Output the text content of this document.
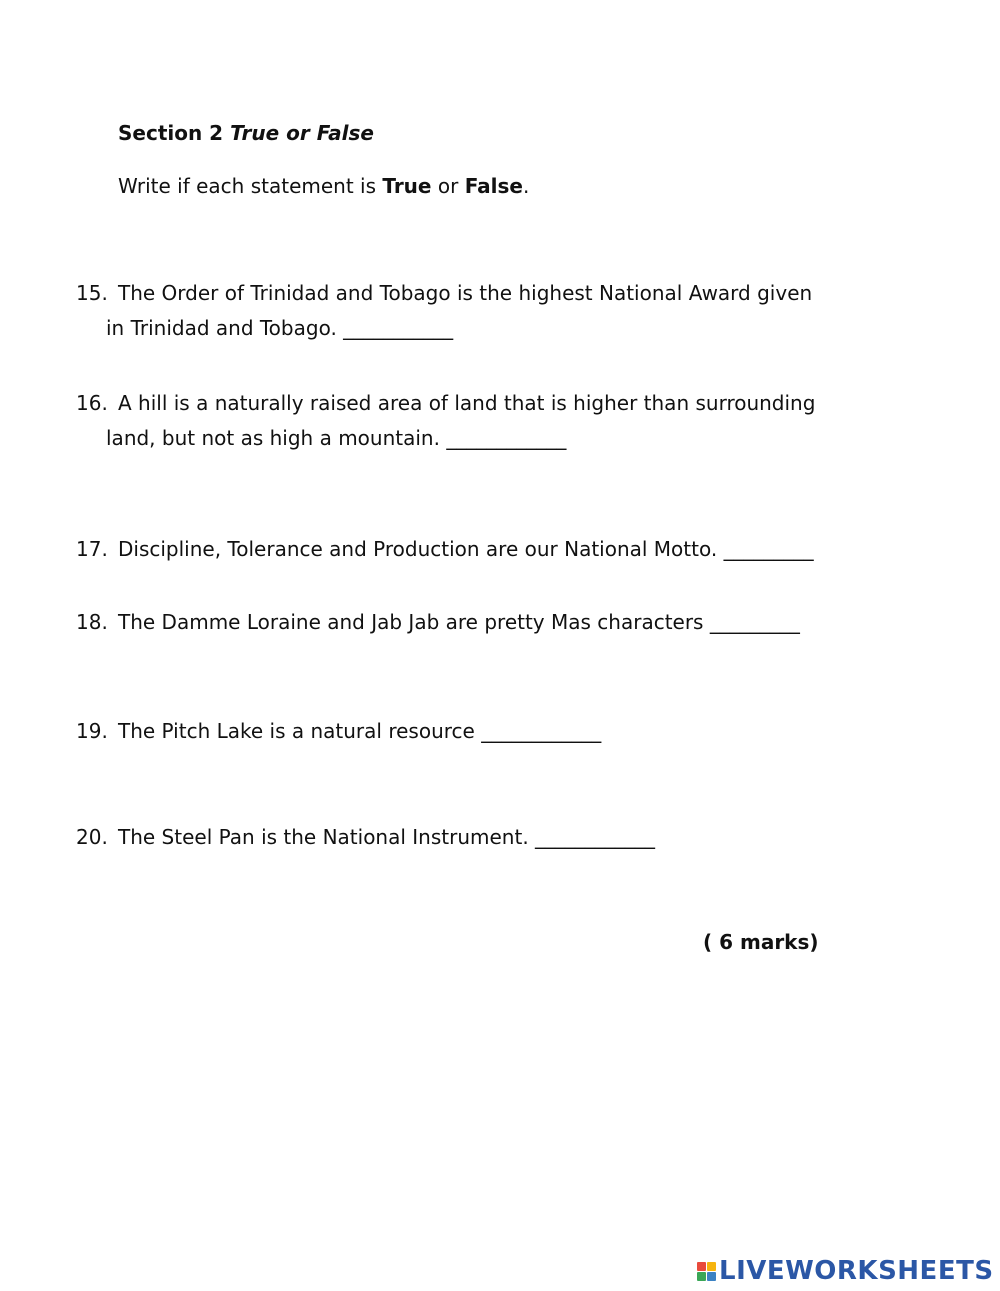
Section 2 True or False
Write if each statement is True or False.
15. The Order of Trinidad and Tobago is the highest National Award given
in Trinidad and Tobago. ___________
16. A hill is a naturally raised area of land that is higher than surrounding
land, but not as high a mountain. ____________
17. Discipline, Tolerance and Production are our National Motto. _________
18. The Damme Loraine and Jab Jab are pretty Mas characters _________
19. The Pitch Lake is a natural resource ____________
20. The Steel Pan is the National Instrument. ____________
( 6 marks)
LIVEWORKSHEETS
